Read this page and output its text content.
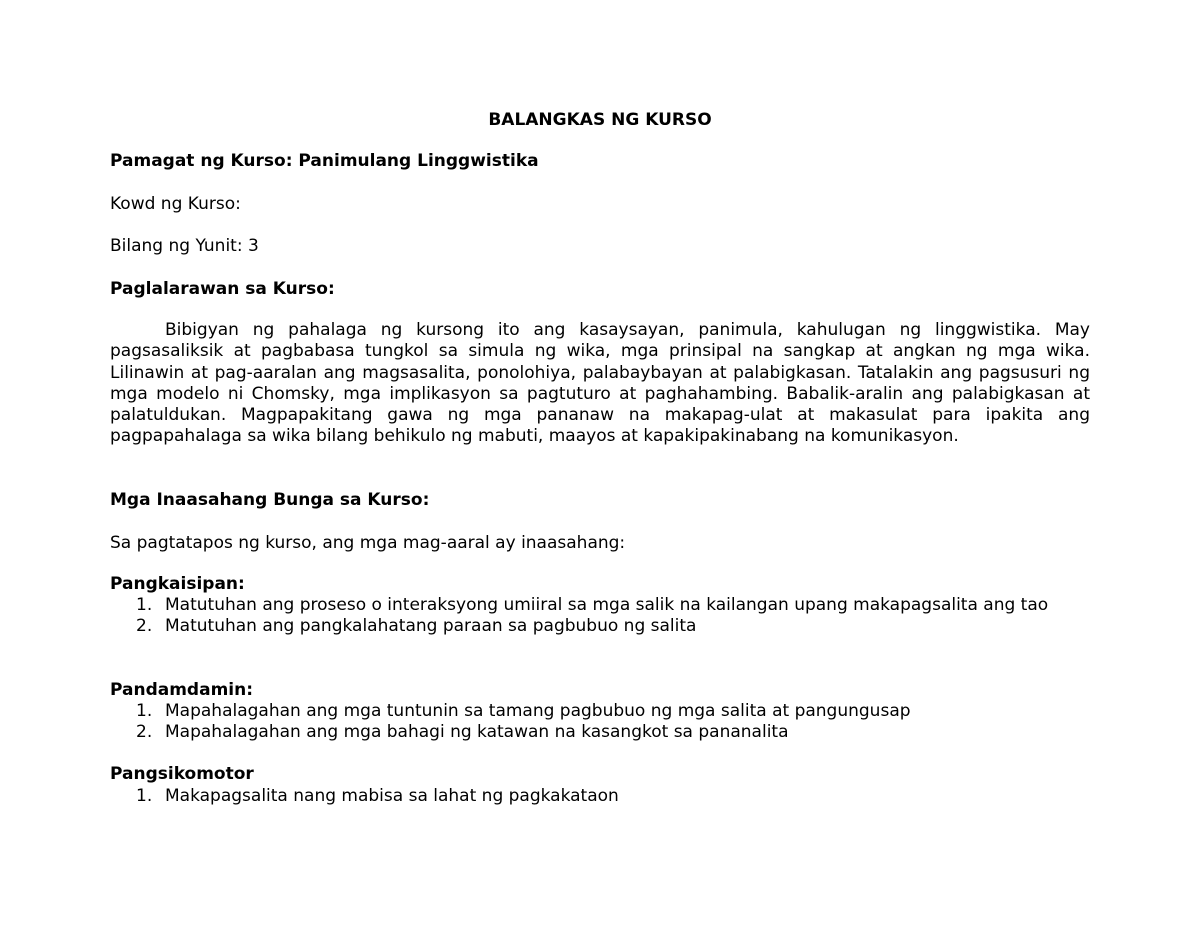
BALANGKAS NG KURSO
Pamagat ng Kurso: Panimulang Linggwistika
Kowd ng Kurso:
Bilang ng Yunit: 3
Paglalarawan sa Kurso:
Bibigyan ng pahalaga ng kursong ito ang kasaysayan, panimula, kahulugan ng linggwistika. May pagsasaliksik at pagbabasa tungkol sa simula ng wika, mga prinsipal na sangkap at angkan ng mga wika. Lilinawin at pag-aaralan ang magsasalita, ponolohiya, palabaybayan at palabigkasan. Tatalakin ang pagsusuri ng mga modelo ni Chomsky, mga implikasyon sa pagtuturo at paghahambing. Babalik-aralin ang palabigkasan at palatuldukan. Magpapakitang gawa ng mga pananaw na makapag-ulat at makasulat para ipakita ang pagpapahalaga sa wika bilang behikulo ng mabuti, maayos at kapakipakinabang na komunikasyon.
Mga Inaasahang Bunga sa Kurso:
Sa pagtatapos ng kurso, ang mga mag-aaral ay inaasahang:
Pangkaisipan:
1. Matutuhan ang proseso o interaksyong umiiral sa mga salik na kailangan upang makapagsalita ang tao
2. Matutuhan ang pangkalahatang paraan sa pagbubuo ng salita
Pandamdamin:
1. Mapahalagahan ang mga tuntunin sa tamang pagbubuo ng mga salita at pangungusap
2. Mapahalagahan ang mga bahagi ng katawan na kasangkot sa pananalita
Pangsikomotor
1. Makapagsalita nang mabisa sa lahat ng pagkakataon
